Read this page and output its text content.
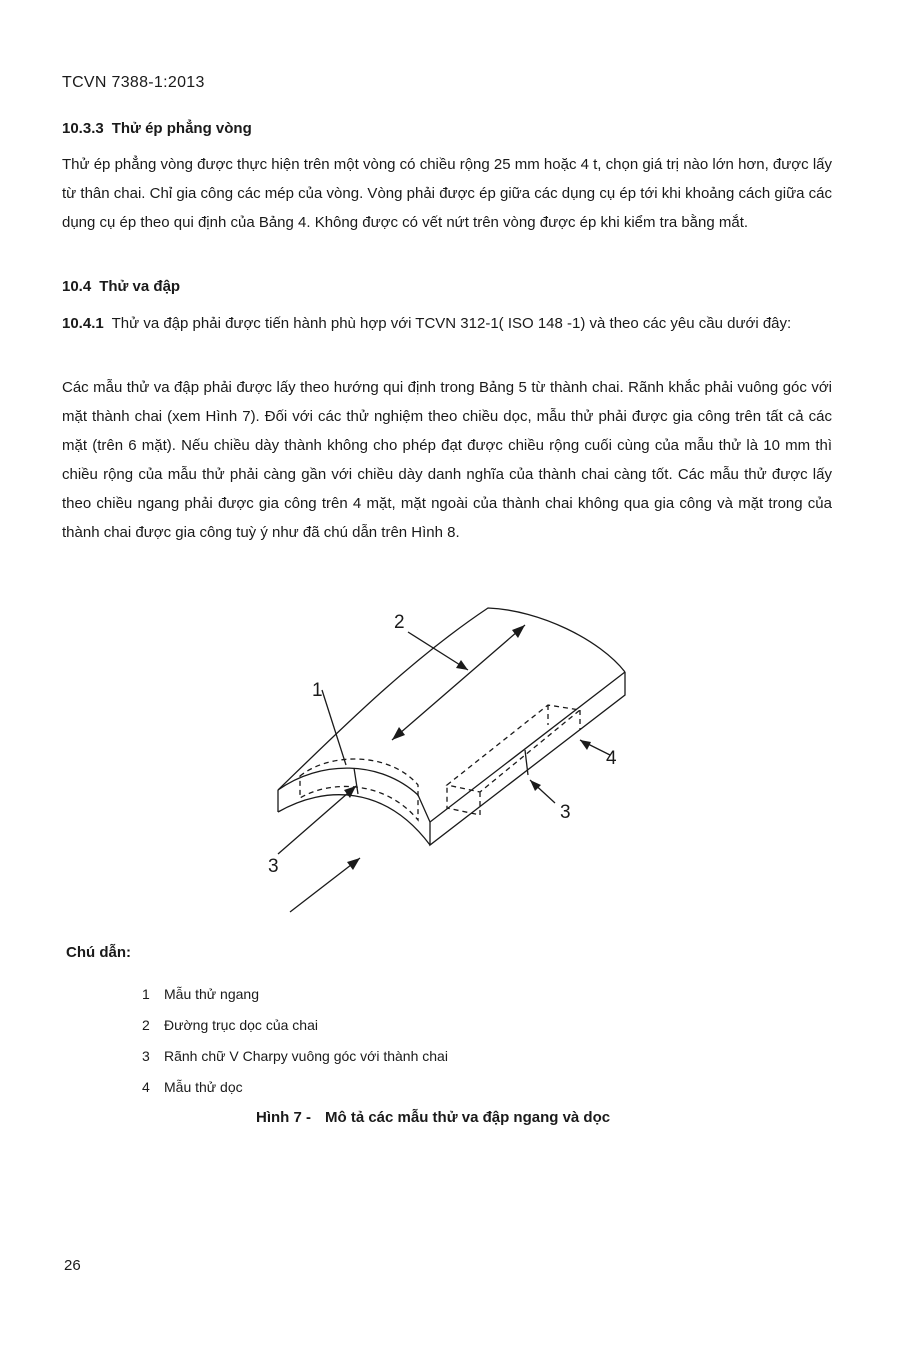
TCVN 7388-1:2013
10.3.3 Thử ép phẳng vòng
Thử ép phẳng vòng được thực hiện trên một vòng có chiều rộng 25 mm hoặc 4 t, chọn giá trị nào lớn hơn, được lấy từ thân chai. Chỉ gia công các mép của vòng. Vòng phải được ép giữa các dụng cụ ép tới khi khoảng cách giữa các dụng cụ ép theo qui định của Bảng 4. Không được có vết nứt trên vòng được ép khi kiểm tra bằng mắt.
10.4 Thử va đập
10.4.1 Thử va đập phải được tiến hành phù hợp với TCVN 312-1( ISO 148 -1) và theo các yêu cầu dưới đây:
Các mẫu thử va đập phải được lấy theo hướng qui định trong Bảng 5 từ thành chai. Rãnh khắc phải vuông góc với mặt thành chai (xem Hình 7). Đối với các thử nghiệm theo chiều dọc, mẫu thử phải được gia công trên tất cả các mặt (trên 6 mặt). Nếu chiều dày thành không cho phép đạt được chiều rộng cuối cùng của mẫu thử là 10 mm thì chiều rộng của mẫu thử phải càng gần với chiều dày danh nghĩa của thành chai càng tốt. Các mẫu thử được lấy theo chiều ngang phải được gia công trên 4 mặt, mặt ngoài của thành chai không qua gia công và mặt trong của thành chai được gia công tuỳ ý như đã chú dẫn trên Hình 8.
1
2
3
3
4
Chú dẫn:
1 Mẫu thử ngang
2 Đường trục dọc của chai
3 Rãnh chữ V Charpy vuông góc với thành chai
4 Mẫu thử dọc
Hình 7 - Mô tả các mẫu thử va đập ngang và dọc
26
